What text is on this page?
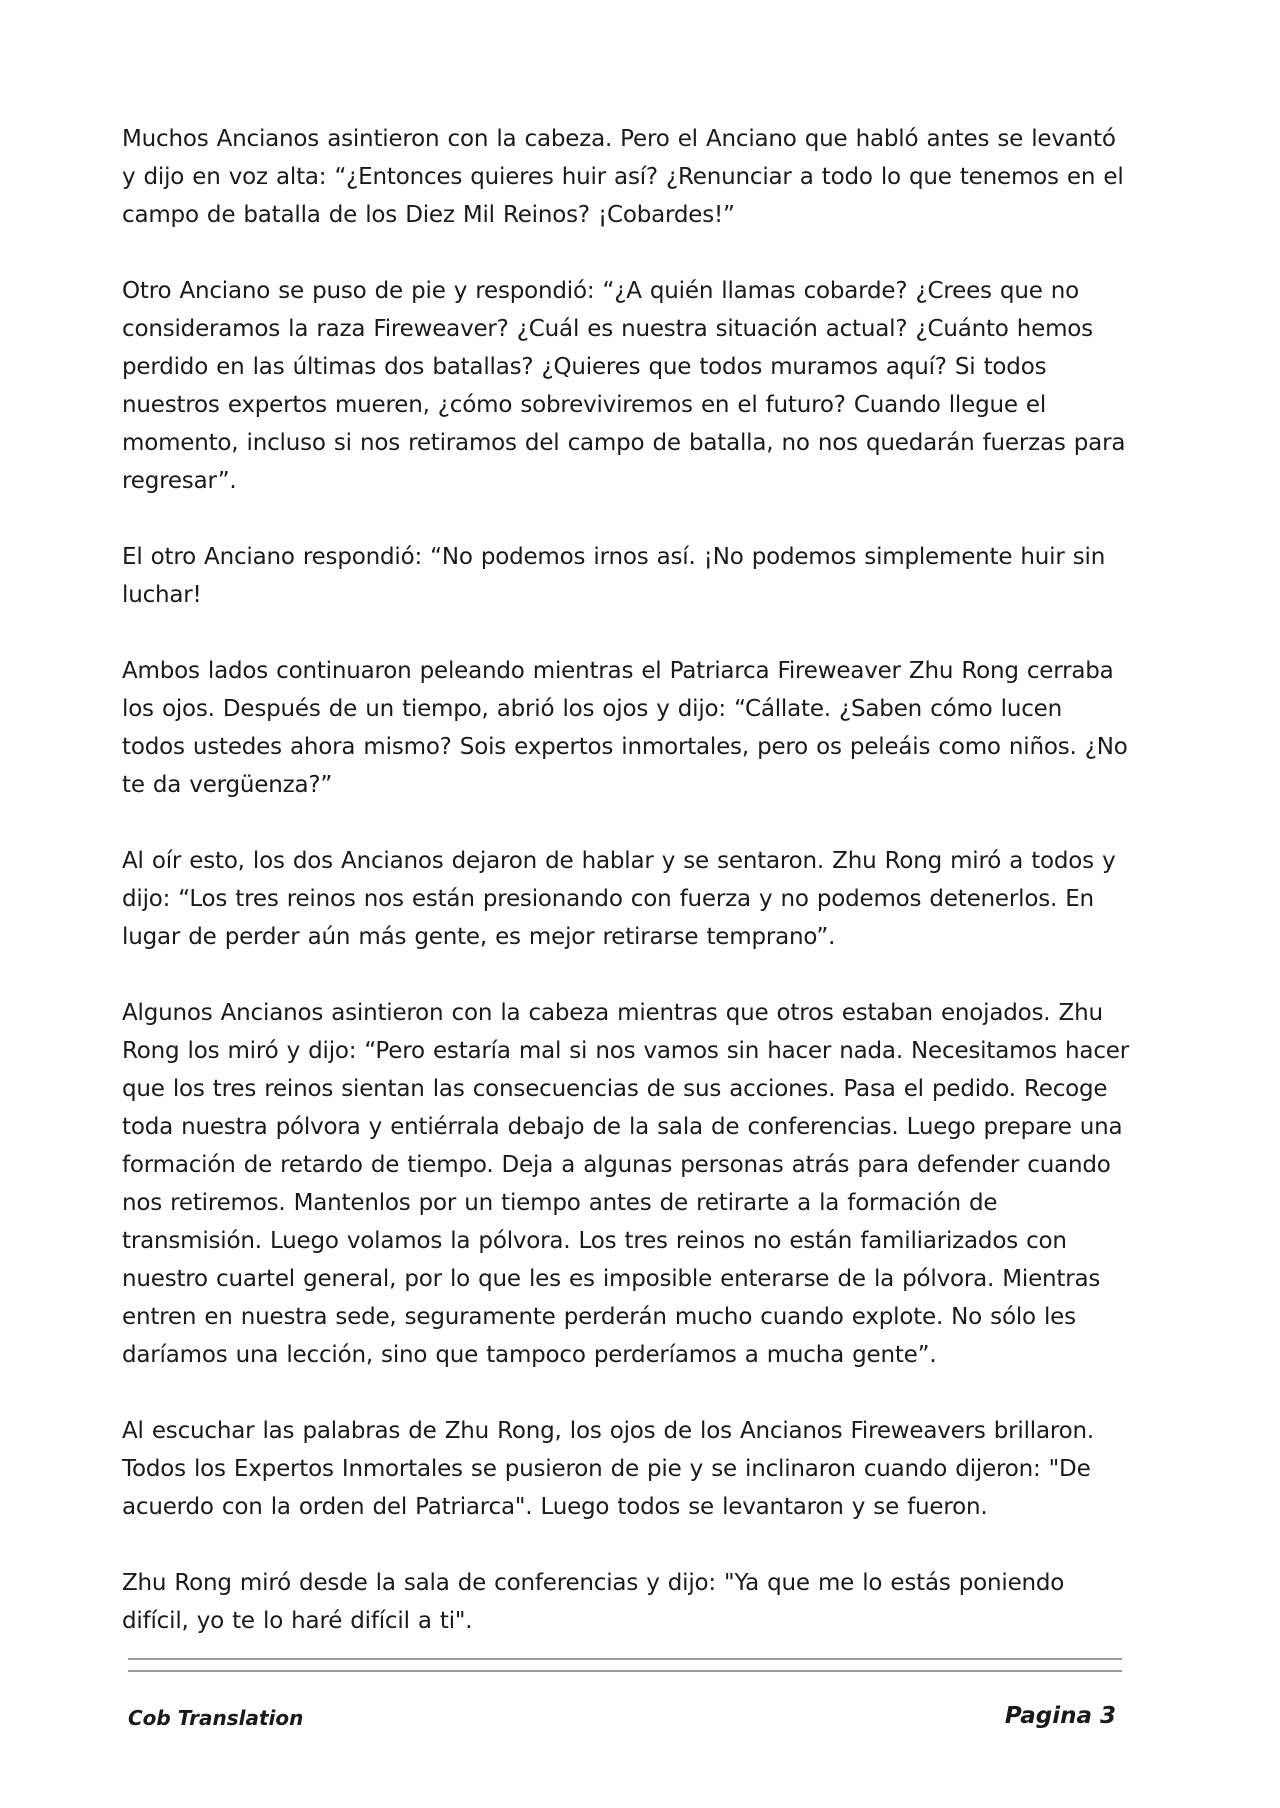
Muchos Ancianos asintieron con la cabeza. Pero el Anciano que habló antes se levantó y dijo en voz alta: “¿Entonces quieres huir así? ¿Renunciar a todo lo que tenemos en el campo de batalla de los Diez Mil Reinos? ¡Cobardes!”

Otro Anciano se puso de pie y respondió: “¿A quién llamas cobarde? ¿Crees que no consideramos la raza Fireweaver? ¿Cuál es nuestra situación actual? ¿Cuánto hemos perdido en las últimas dos batallas? ¿Quieres que todos muramos aquí? Si todos nuestros expertos mueren, ¿cómo sobreviviremos en el futuro? Cuando llegue el momento, incluso si nos retiramos del campo de batalla, no nos quedarán fuerzas para regresar”.

El otro Anciano respondió: “No podemos irnos así. ¡No podemos simplemente huir sin luchar!

Ambos lados continuaron peleando mientras el Patriarca Fireweaver Zhu Rong cerraba los ojos. Después de un tiempo, abrió los ojos y dijo: “Cállate. ¿Saben cómo lucen todos ustedes ahora mismo? Sois expertos inmortales, pero os peleáis como niños. ¿No te da vergüenza?”

Al oír esto, los dos Ancianos dejaron de hablar y se sentaron. Zhu Rong miró a todos y dijo: “Los tres reinos nos están presionando con fuerza y no podemos detenerlos. En lugar de perder aún más gente, es mejor retirarse temprano”.

Algunos Ancianos asintieron con la cabeza mientras que otros estaban enojados. Zhu Rong los miró y dijo: “Pero estaría mal si nos vamos sin hacer nada. Necesitamos hacer que los tres reinos sientan las consecuencias de sus acciones. Pasa el pedido. Recoge toda nuestra pólvora y entiérrala debajo de la sala de conferencias. Luego prepare una formación de retardo de tiempo. Deja a algunas personas atrás para defender cuando nos retiremos. Mantenlos por un tiempo antes de retirarte a la formación de transmisión. Luego volamos la pólvora. Los tres reinos no están familiarizados con nuestro cuartel general, por lo que les es imposible enterarse de la pólvora. Mientras entren en nuestra sede, seguramente perderán mucho cuando explote. No sólo les daríamos una lección, sino que tampoco perderíamos a mucha gente”.

Al escuchar las palabras de Zhu Rong, los ojos de los Ancianos Fireweavers brillaron. Todos los Expertos Inmortales se pusieron de pie y se inclinaron cuando dijeron: "De acuerdo con la orden del Patriarca". Luego todos se levantaron y se fueron.

Zhu Rong miró desde la sala de conferencias y dijo: "Ya que me lo estás poniendo difícil, yo te lo haré difícil a ti".

Cob Translation	Pagina 3
